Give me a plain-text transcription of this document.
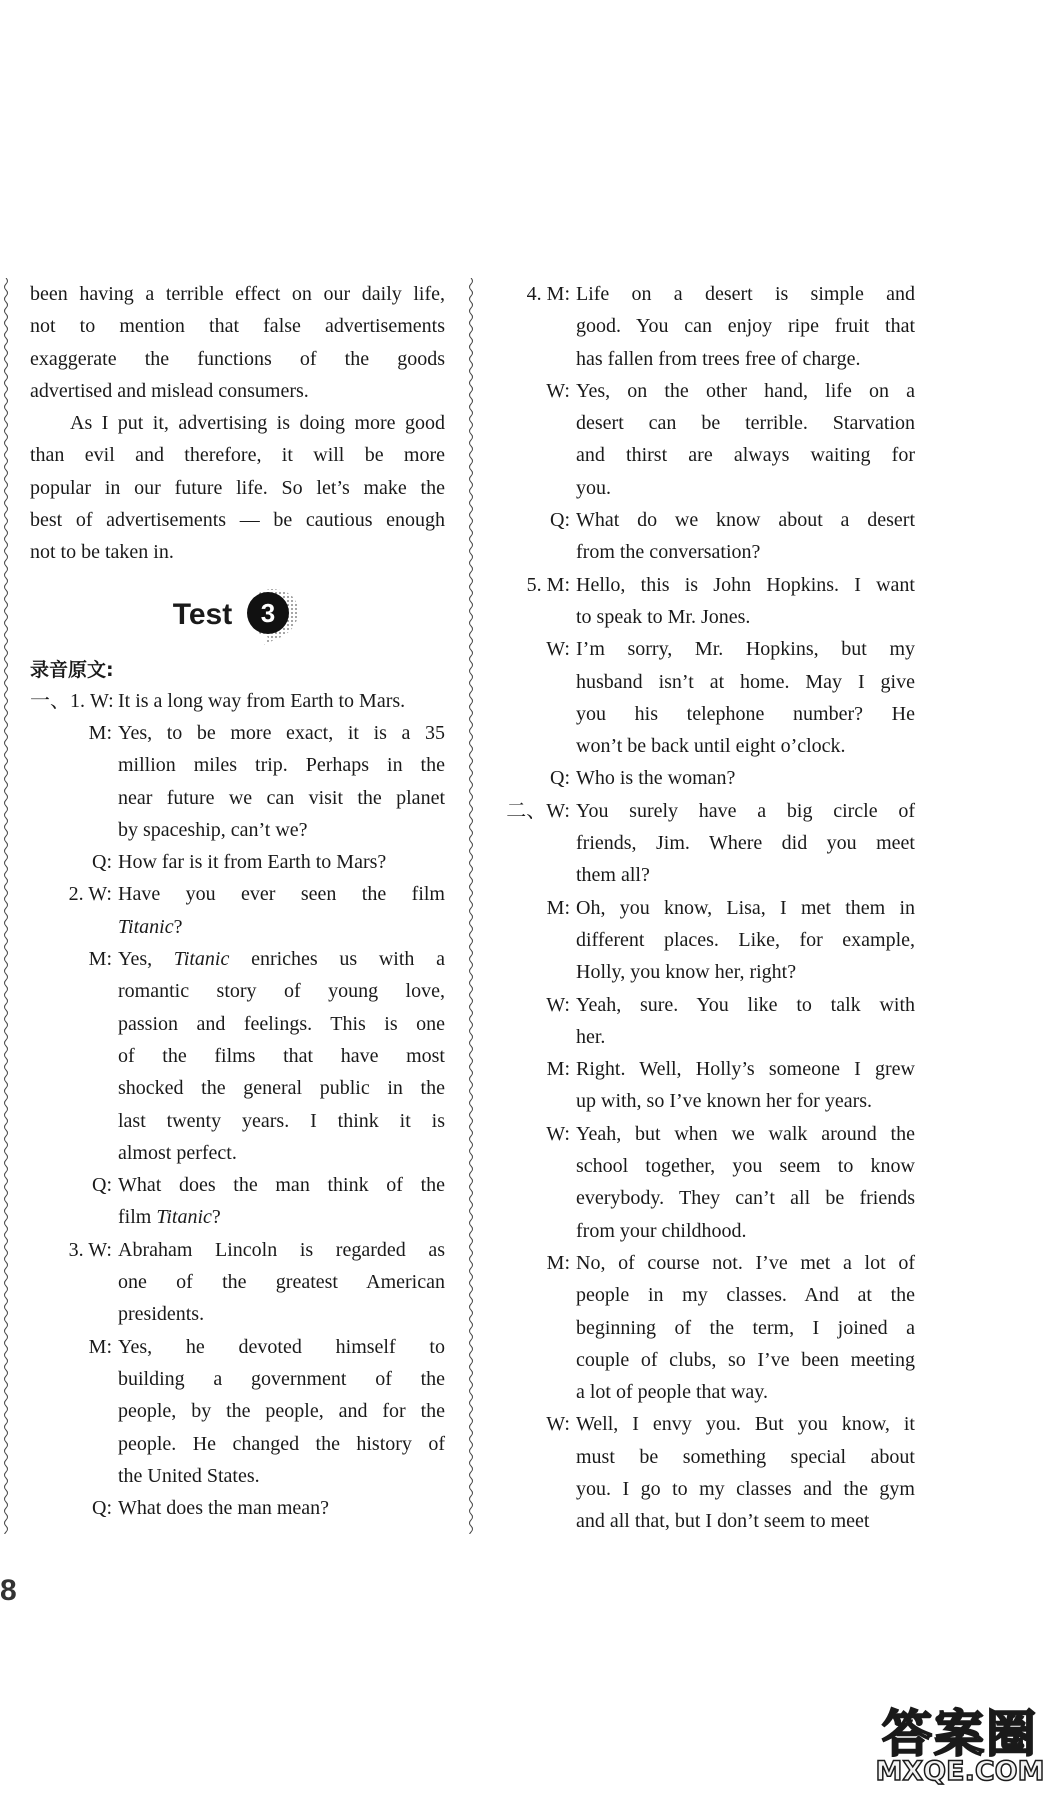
been having a terrible effect on our daily life,
not to mention that false advertisements
exaggerate the functions of the goods
advertised and mislead consumers.
As I put it, advertising is doing more good
than evil and therefore, it will be more
popular in our future life. So let’s make the
best of advertisements — be cautious enough
not to be taken in.
Test 3
录音原文:
一、1. W: It is a long way from Earth to Mars.
M: Yes, to be more exact, it is a 35
million miles trip. Perhaps in the
near future we can visit the planet
by spaceship, can’t we?
Q: How far is it from Earth to Mars?
2. W: Have you ever seen the film
Titanic?
M: Yes, Titanic enriches us with a
romantic story of young love,
passion and feelings. This is one
of the films that have most
shocked the general public in the
last twenty years. I think it is
almost perfect.
Q: What does the man think of the
film Titanic?
3. W: Abraham Lincoln is regarded as
one of the greatest American
presidents.
M: Yes, he devoted himself to
building a government of the
people, by the people, and for the
people. He changed the history of
the United States.
Q: What does the man mean?
4. M: Life on a desert is simple and
good. You can enjoy ripe fruit that
has fallen from trees free of charge.
W: Yes, on the other hand, life on a
desert can be terrible. Starvation
and thirst are always waiting for
you.
Q: What do we know about a desert
from the conversation?
5. M: Hello, this is John Hopkins. I want
to speak to Mr. Jones.
W: I’m sorry, Mr. Hopkins, but my
husband isn’t at home. May I give
you his telephone number? He
won’t be back until eight o’clock.
Q: Who is the woman?
二、W: You surely have a big circle of
friends, Jim. Where did you meet
them all?
M: Oh, you know, Lisa, I met them in
different places. Like, for example,
Holly, you know her, right?
W: Yeah, sure. You like to talk with
her.
M: Right. Well, Holly’s someone I grew
up with, so I’ve known her for years.
W: Yeah, but when we walk around the
school together, you seem to know
everybody. They can’t all be friends
from your childhood.
M: No, of course not. I’ve met a lot of
people in my classes. And at the
beginning of the term, I joined a
couple of clubs, so I’ve been meeting
a lot of people that way.
W: Well, I envy you. But you know, it
must be something special about
you. I go to my classes and the gym
and all that, but I don’t seem to meet
8
答案圈
MXQE.COM
